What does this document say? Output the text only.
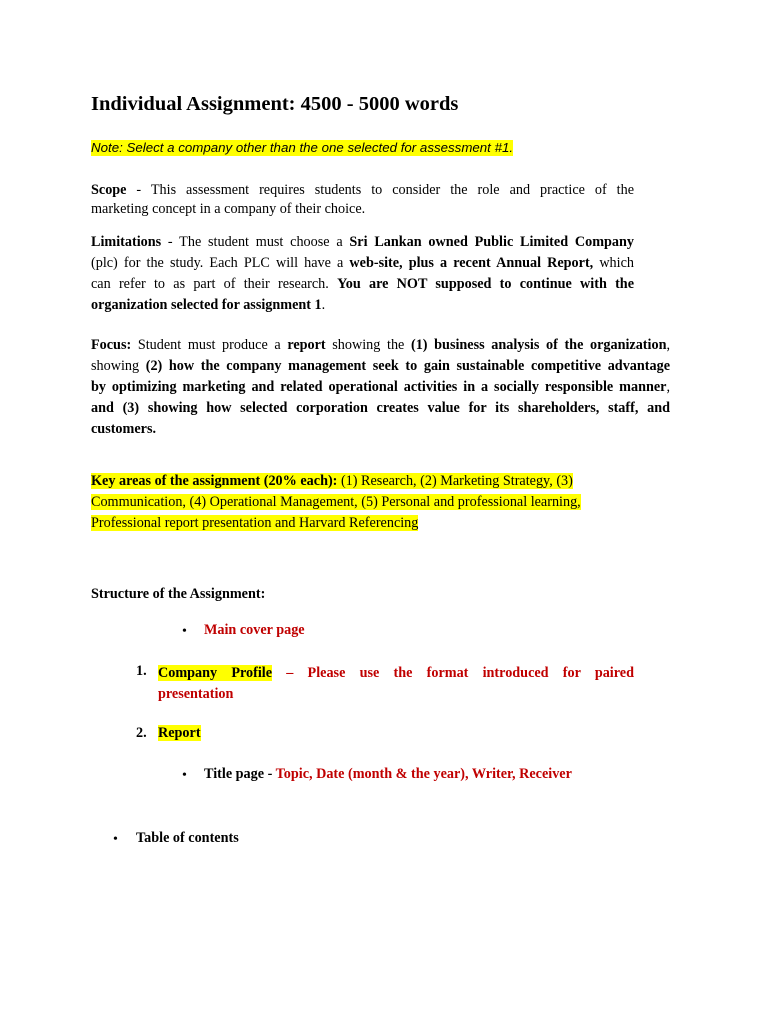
Individual Assignment: 4500 - 5000 words
Note: Select a company other than the one selected for assessment #1.
Scope - This assessment requires students to consider the role and practice of the
marketing concept in a company of their choice.
Limitations - The student must choose a Sri Lankan owned Public Limited Company
(plc) for the study. Each PLC will have a web-site, plus a recent Annual Report, which
can refer to as part of their research. You are NOT supposed to continue with the
organization selected for assignment 1.
Focus: Student must produce a report showing the (1) business analysis of the organization,
showing (2) how the company management seek to gain sustainable competitive advantage
by optimizing marketing and related operational activities in a socially responsible manner,
and (3) showing how selected corporation creates value for its shareholders, staff, and
customers.
Key areas of the assignment (20% each): (1) Research, (2) Marketing Strategy, (3)
Communication, (4) Operational Management, (5) Personal and professional learning,
Professional report presentation and Harvard Referencing
Structure of the Assignment:
• Main cover page
1. Company Profile – Please use the format introduced for paired
presentation
2. Report
• Title page - Topic, Date (month & the year), Writer, Receiver
• Table of contents
